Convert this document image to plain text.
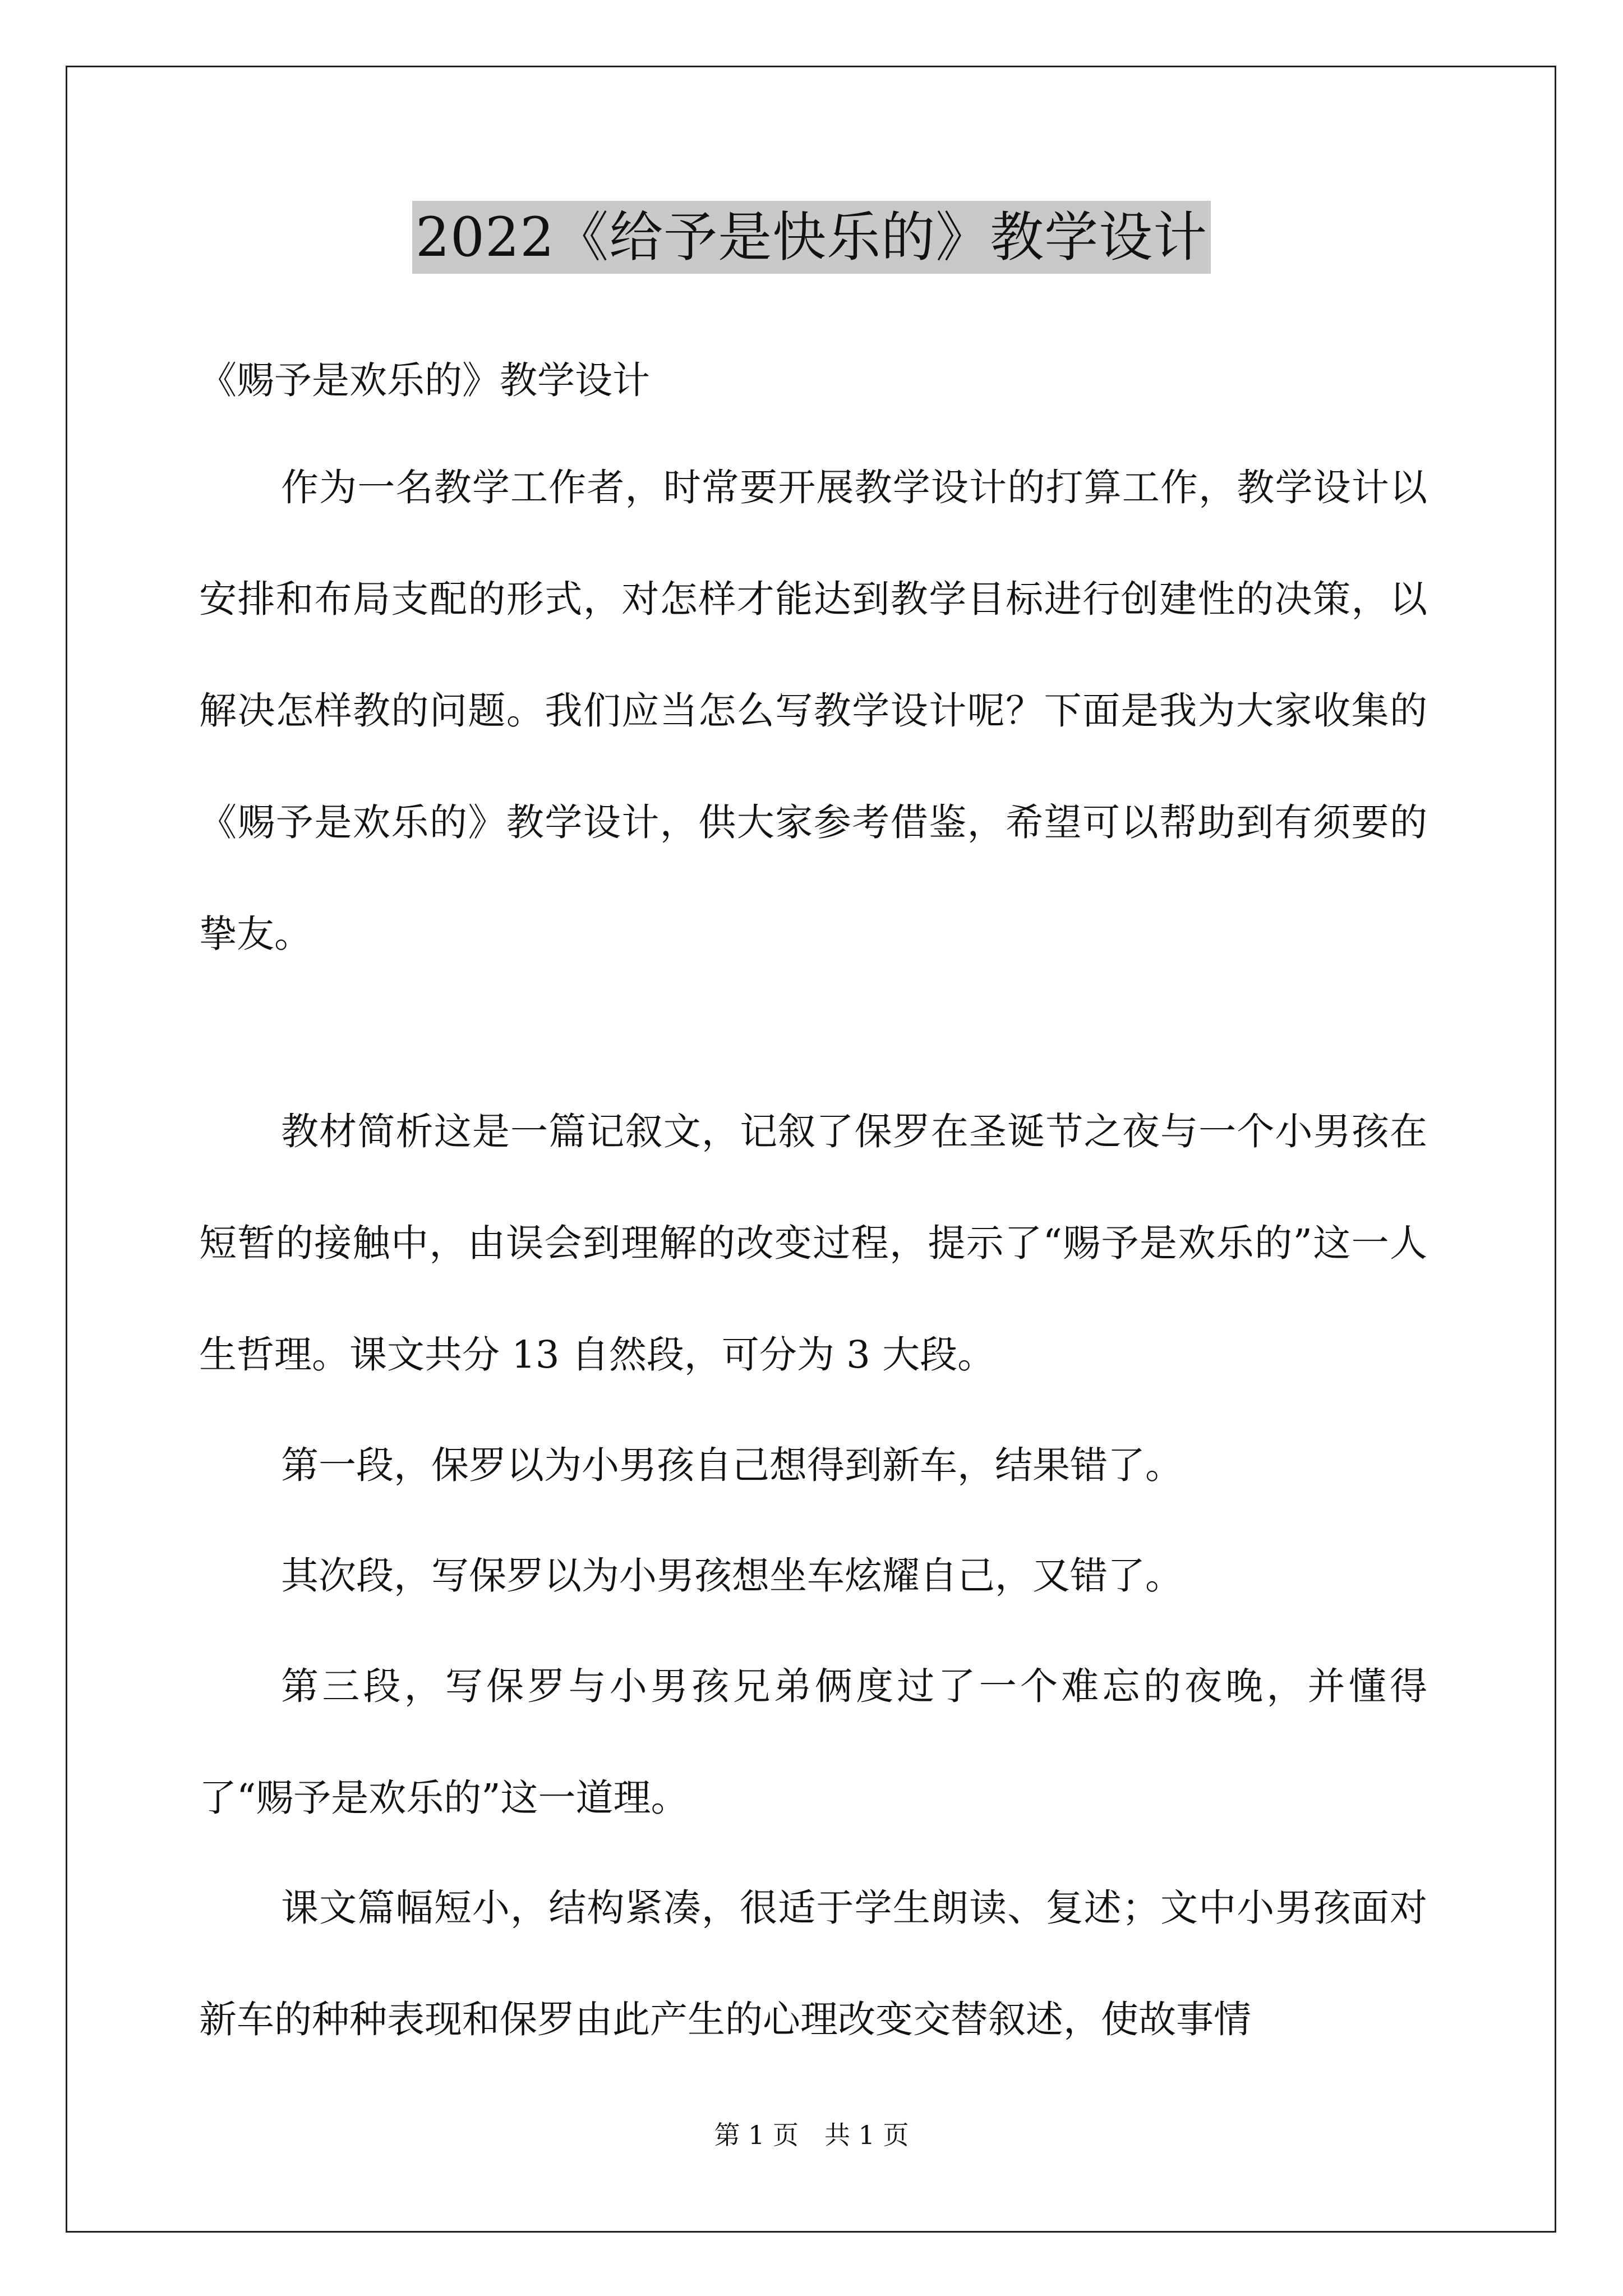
2022《给予是快乐的》教学设计
《赐予是欢乐的》教学设计

作为一名教学工作者，时常要开展教学设计的打算工作，教学设计以安排和布局支配的形式，对怎样才能达到教学目标进行创建性的决策，以解决怎样教的问题。我们应当怎么写教学设计呢？下面是我为大家收集的《赐予是欢乐的》教学设计，供大家参考借鉴，希望可以帮助到有须要的挚友。

教材简析这是一篇记叙文，记叙了保罗在圣诞节之夜与一个小男孩在短暂的接触中，由误会到理解的改变过程，提示了“赐予是欢乐的”这一人生哲理。课文共分 13 自然段，可分为 3 大段。

第一段，保罗以为小男孩自己想得到新车，结果错了。

其次段，写保罗以为小男孩想坐车炫耀自己，又错了。

第三段，写保罗与小男孩兄弟俩度过了一个难忘的夜晚，并懂得了“赐予是欢乐的”这一道理。

课文篇幅短小，结构紧凑，很适于学生朗读、复述；文中小男孩面对新车的种种表现和保罗由此产生的心理改变交替叙述，使故事情

第 1 页　共 1 页
